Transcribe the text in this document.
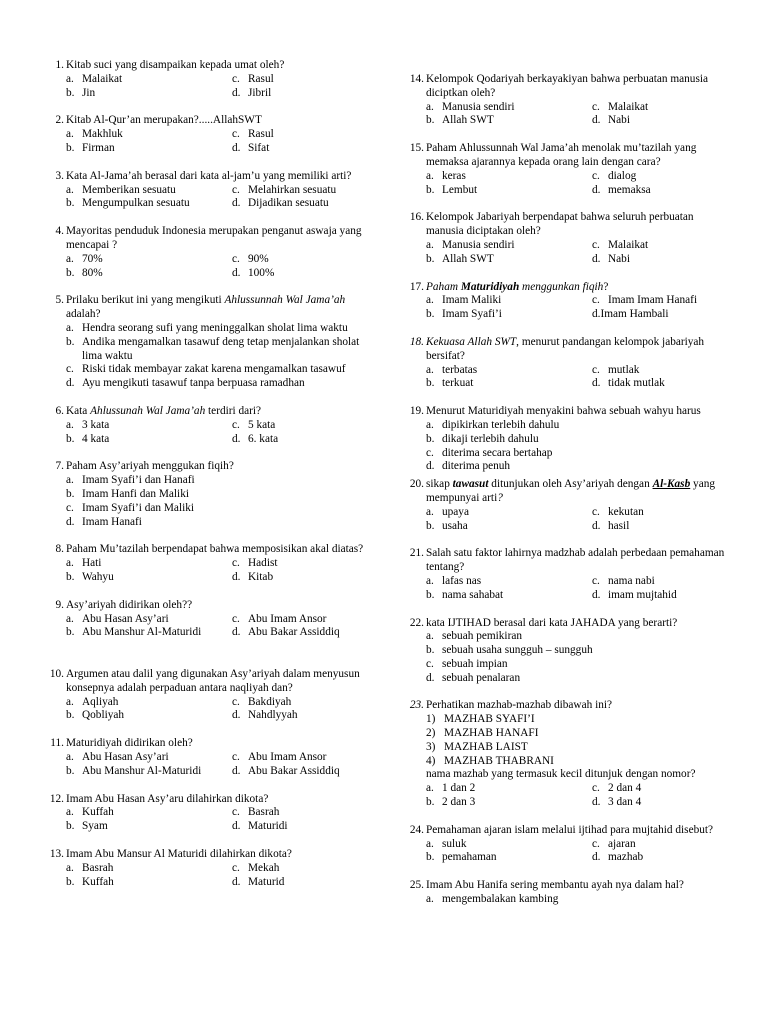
1. Kitab suci yang disampaikan kepada umat oleh?
a. Malaikat	c. Rasul
b. Jin	d. Jibril
2. Kitab Al-Qur’an merupakan?.....AllahSWT
a. Makhluk	c. Rasul
b. Firman	d. Sifat
3. Kata Al-Jama’ah berasal dari kata al-jam’u yang memiliki arti?
a. Memberikan sesuatu	c. Melahirkan sesuatu
b. Mengumpulkan sesuatu	d. Dijadikan sesuatu
4. Mayoritas penduduk Indonesia merupakan penganut aswaja yang mencapai ?
a. 70%	c. 90%
b. 80%	d. 100%
5. Prilaku berikut ini yang mengikuti Ahlussunnah Wal Jama’ah adalah?
a. Hendra seorang sufi yang meninggalkan sholat lima waktu
b. Andika mengamalkan tasawuf deng tetap menjalankan sholat lima waktu
c. Riski tidak membayar zakat karena mengamalkan tasawuf
d. Ayu mengikuti tasawuf tanpa berpuasa ramadhan
6. Kata Ahlussunah Wal Jama’ah terdiri dari?
a. 3 kata	c. 5 kata
b. 4 kata	d. 6. kata
7. Paham Asy’ariyah menggukan fiqih?
a. Imam Syafi’i dan Hanafi
b. Imam Hanfi dan Maliki
c. Imam Syafi’i dan Maliki
d. Imam Hanafi
8. Paham Mu’tazilah berpendapat bahwa memposisikan akal diatas?
a. Hati	c. Hadist
b. Wahyu	d. Kitab
9. Asy’ariyah didirikan oleh??
a. Abu Hasan Asy’ari	c. Abu Imam Ansor
b. Abu Manshur Al-Maturidi	d. Abu Bakar Assiddiq
10. Argumen atau dalil yang digunakan Asy’ariyah dalam menyusun konsepnya adalah perpaduan antara naqliyah dan?
a. Aqliyah	c. Bakdiyah
b. Qobliyah	d. Nahdlyyah
11. Maturidiyah didirikan oleh?
a. Abu Hasan Asy’ari	c. Abu Imam Ansor
b. Abu Manshur Al-Maturidi	d. Abu Bakar Assiddiq
12. Imam Abu Hasan Asy’aru dilahirkan dikota?
a. Kuffah	c. Basrah
b. Syam	d. Maturidi
13. Imam Abu Mansur Al Maturidi dilahirkan dikota?
a. Basrah	c. Mekah
b. Kuffah	d. Maturid
14. Kelompok Qodariyah berkayakiyan bahwa perbuatan manusia diciptkan oleh?
a. Manusia sendiri	c. Malaikat
b. Allah SWT	d. Nabi
15. Paham Ahlussunnah Wal Jama’ah menolak mu’tazilah yang memaksa ajarannya kepada orang lain dengan cara?
a. keras	c. dialog
b. Lembut	d. memaksa
16. Kelompok Jabariyah berpendapat bahwa seluruh perbuatan manusia diciptakan oleh?
a. Manusia sendiri	c. Malaikat
b. Allah SWT	d. Nabi
17. Paham Maturidiyah menggunkan fiqih?
a. Imam Maliki	c. Imam Imam Hanafi
b. Imam Syafi’i	d.Imam Hambali
18. Kekuasa Allah SWT, menurut pandangan kelompok jabariyah bersifat?
a. terbatas	c. mutlak
b. terkuat	d. tidak mutlak
19. Menurut Maturidiyah menyakini bahwa sebuah wahyu harus
a. dipikirkan terlebih dahulu
b. dikaji terlebih dahulu
c. diterima secara bertahap
d. diterima penuh
20. sikap tawasut ditunjukan oleh Asy’ariyah dengan Al-Kasb yang mempunyai arti?
a. upaya	c. kekutan
b. usaha	d. hasil
21. Salah satu faktor lahirnya madzhab adalah perbedaan pemahaman tentang?
a. lafas nas	c. nama nabi
b. nama sahabat	d. imam mujtahid
22. kata IJTIHAD berasal dari kata JAHADA yang berarti?
a. sebuah pemikiran
b. sebuah usaha sungguh – sungguh
c. sebuah impian
d. sebuah penalaran
23. Perhatikan mazhab-mazhab dibawah ini?
1) MAZHAB SYAFI’I
2) MAZHAB HANAFI
3) MAZHAB LAIST
4) MAZHAB THABRANI
nama mazhab yang termasuk kecil ditunjuk dengan nomor?
a. 1 dan 2	c. 2 dan 4
b. 2 dan 3	d. 3 dan 4
24. Pemahaman ajaran islam melalui ijtihad para mujtahid disebut?
a. suluk	c. ajaran
b. pemahaman	d. mazhab
25. Imam Abu Hanifa sering membantu ayah nya dalam hal?
a. mengembalakan kambing
